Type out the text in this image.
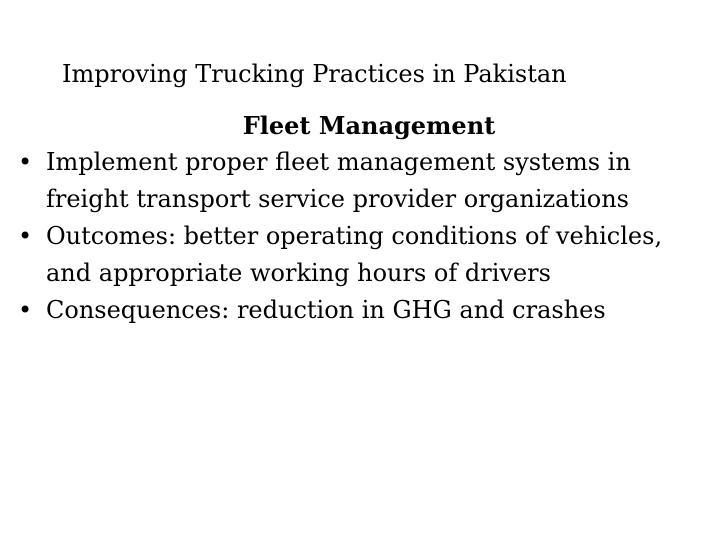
Improving Trucking Practices in Pakistan
Fleet Management
• Implement proper fleet management systems in freight transport service provider organizations
• Outcomes: better operating conditions of vehicles, and appropriate working hours of drivers
• Consequences: reduction in GHG and crashes
